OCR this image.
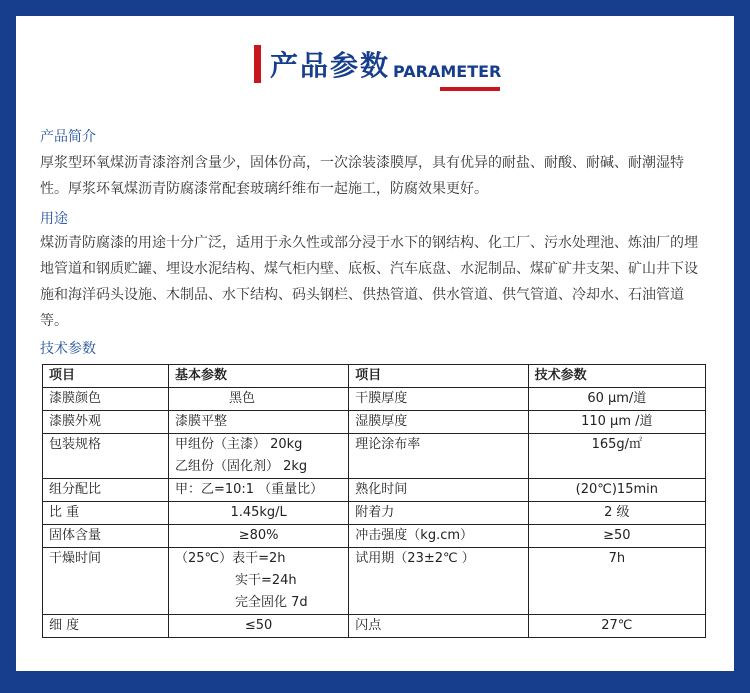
产品参数 PARAMETER
产品简介

厚浆型环氧煤沥青漆溶剂含量少，固体份高，一次涂装漆膜厚，具有优异的耐盐、耐酸、耐碱、耐潮湿特性。厚浆环氧煤沥青防腐漆常配套玻璃纤维布一起施工，防腐效果更好。

用途

煤沥青防腐漆的用途十分广泛，适用于永久性或部分浸于水下的钢结构、化工厂、污水处理池、炼油厂的埋地管道和钢质贮罐、埋设水泥结构、煤气柜内壁、底板、汽车底盘、水泥制品、煤矿矿井支架、矿山井下设施和海洋码头设施、木制品、水下结构、码头钢栏、供热管道、供水管道、供气管道、冷却水、石油管道等。

技术参数
项目	基本参数	项目	技术参数
漆膜颜色	黑色	干膜厚度	60 μm/道
漆膜外观	漆膜平整	湿膜厚度	110 μm /道
包装规格	甲组份（主漆） 20kg
乙组份（固化剂） 2kg	理论涂布率	165g/㎡
组分配比	甲：乙=10:1 （重量比）	熟化时间	(20℃)15min
比 重	1.45kg/L	附着力	2 级
固体含量	≥80%	冲击强度（kg.cm）	≥50
干燥时间	（25℃）表干=2h
实干=24h
完全固化 7d	试用期（23±2℃ ）	7h
细 度	≤50	闪点	27℃
